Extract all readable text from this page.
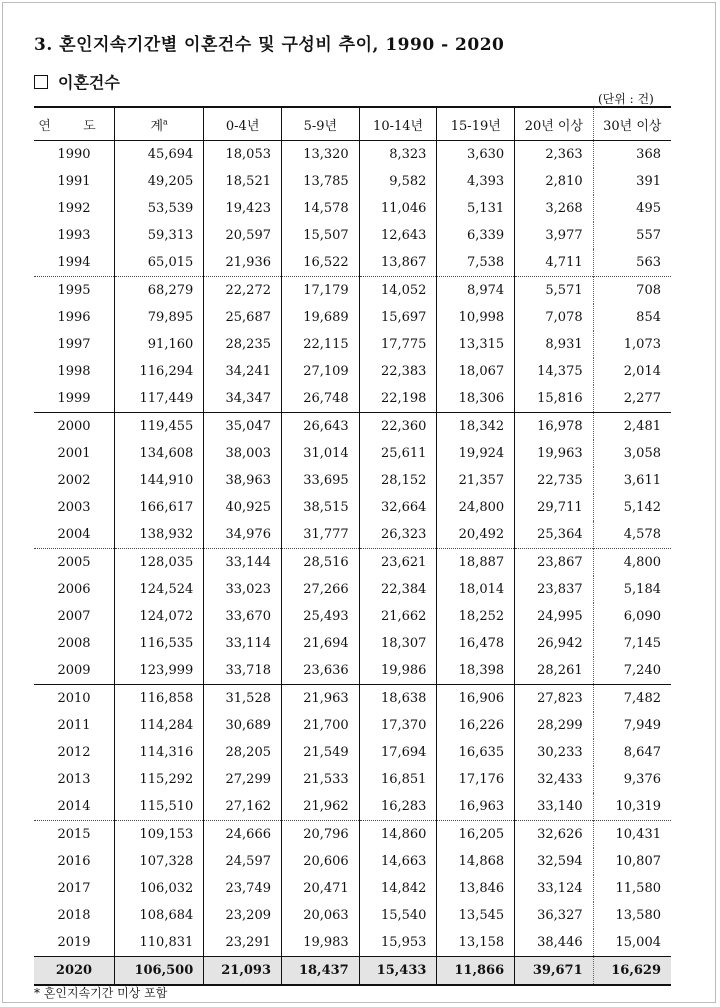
3. 혼인지속기간별 이혼건수 및 구성비 추이, 1990 - 2020
이혼건수
(단위 : 건)
연 도	계$^a$	0-4년	5-9년	10-14년	15-19년	20년 이상	30년 이상
1990	45,694	18,053	13,320	8,323	3,630	2,363	368
1991	49,205	18,521	13,785	9,582	4,393	2,810	391
1992	53,539	19,423	14,578	11,046	5,131	3,268	495
1993	59,313	20,597	15,507	12,643	6,339	3,977	557
1994	65,015	21,936	16,522	13,867	7,538	4,711	563
1995	68,279	22,272	17,179	14,052	8,974	5,571	708
1996	79,895	25,687	19,689	15,697	10,998	7,078	854
1997	91,160	28,235	22,115	17,775	13,315	8,931	1,073
1998	116,294	34,241	27,109	22,383	18,067	14,375	2,014
1999	117,449	34,347	26,748	22,198	18,306	15,816	2,277
2000	119,455	35,047	26,643	22,360	18,342	16,978	2,481
2001	134,608	38,003	31,014	25,611	19,924	19,963	3,058
2002	144,910	38,963	33,695	28,152	21,357	22,735	3,611
2003	166,617	40,925	38,515	32,664	24,800	29,711	5,142
2004	138,932	34,976	31,777	26,323	20,492	25,364	4,578
2005	128,035	33,144	28,516	23,621	18,887	23,867	4,800
2006	124,524	33,023	27,266	22,384	18,014	23,837	5,184
2007	124,072	33,670	25,493	21,662	18,252	24,995	6,090
2008	116,535	33,114	21,694	18,307	16,478	26,942	7,145
2009	123,999	33,718	23,636	19,986	18,398	28,261	7,240
2010	116,858	31,528	21,963	18,638	16,906	27,823	7,482
2011	114,284	30,689	21,700	17,370	16,226	28,299	7,949
2012	114,316	28,205	21,549	17,694	16,635	30,233	8,647
2013	115,292	27,299	21,533	16,851	17,176	32,433	9,376
2014	115,510	27,162	21,962	16,283	16,963	33,140	10,319
2015	109,153	24,666	20,796	14,860	16,205	32,626	10,431
2016	107,328	24,597	20,606	14,663	14,868	32,594	10,807
2017	106,032	23,749	20,471	14,842	13,846	33,124	11,580
2018	108,684	23,209	20,063	15,540	13,545	36,327	13,580
2019	110,831	23,291	19,983	15,953	13,158	38,446	15,004
2020	106,500	21,093	18,437	15,433	11,866	39,671	16,629
* 혼인지속기간 미상 포함
